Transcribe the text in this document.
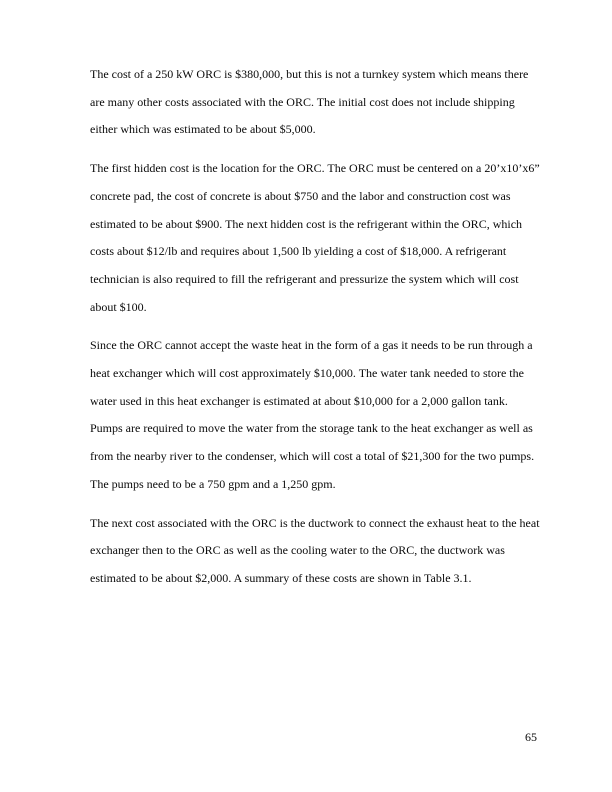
The cost of a 250 kW ORC is $380,000, but this is not a turnkey system which means there
are many other costs associated with the ORC. The initial cost does not include shipping
either which was estimated to be about $5,000.
The first hidden cost is the location for the ORC. The ORC must be centered on a 20’x10’x6”
concrete pad, the cost of concrete is about $750 and the labor and construction cost was
estimated to be about $900. The next hidden cost is the refrigerant within the ORC, which
costs about $12/lb and requires about 1,500 lb yielding a cost of $18,000. A refrigerant
technician is also required to fill the refrigerant and pressurize the system which will cost
about $100.
Since the ORC cannot accept the waste heat in the form of a gas it needs to be run through a
heat exchanger which will cost approximately $10,000. The water tank needed to store the
water used in this heat exchanger is estimated at about $10,000 for a 2,000 gallon tank.
Pumps are required to move the water from the storage tank to the heat exchanger as well as
from the nearby river to the condenser, which will cost a total of $21,300 for the two pumps.
The pumps need to be a 750 gpm and a 1,250 gpm.
The next cost associated with the ORC is the ductwork to connect the exhaust heat to the heat
exchanger then to the ORC as well as the cooling water to the ORC, the ductwork was
estimated to be about $2,000. A summary of these costs are shown in Table 3.1.
65
